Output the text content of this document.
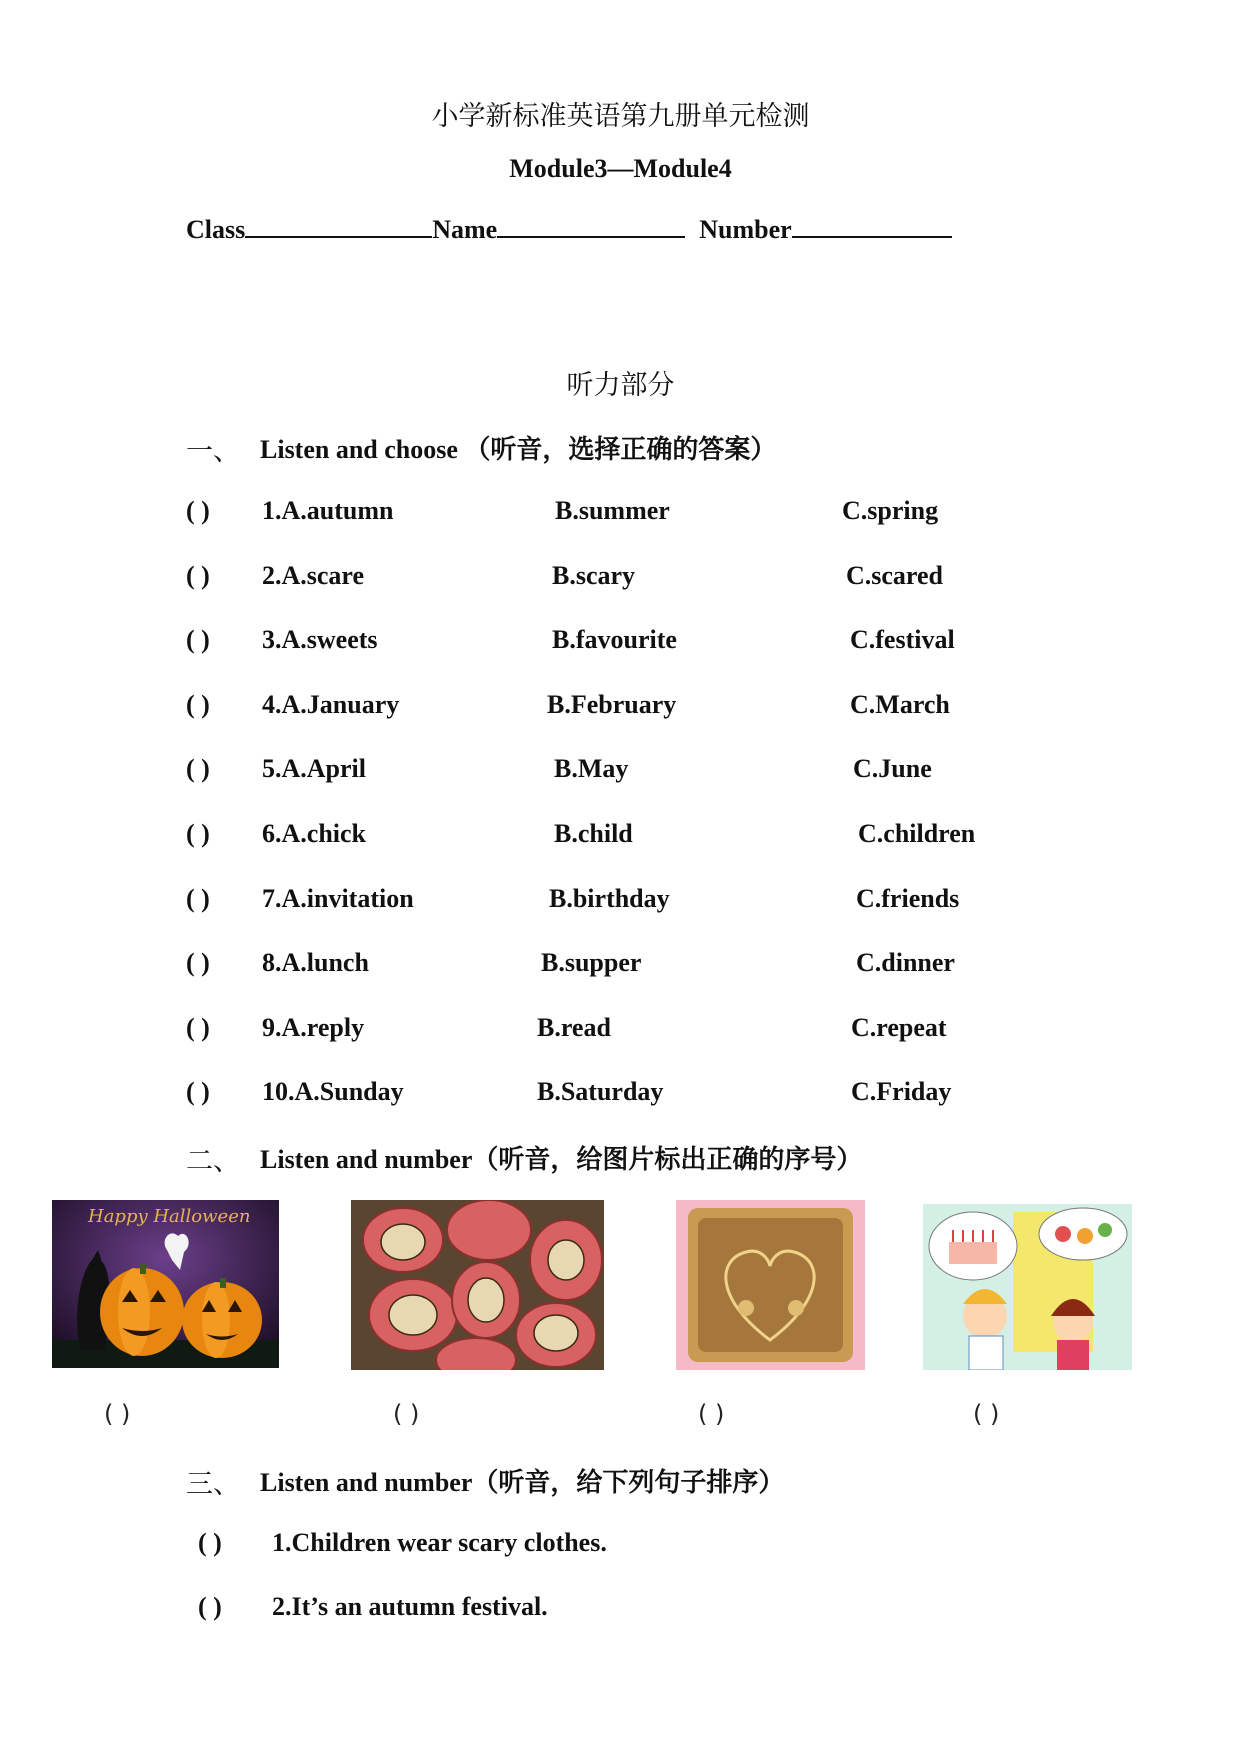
小学新标准英语第九册单元检测
Module3—Module4
Class	Name	Number
听力部分
一、 Listen and choose （听音，选择正确的答案）
( ) 1.A.autumn	B.summer	C.spring
( ) 2.A.scare	B.scary	C.scared
( ) 3.A.sweets	B.favourite	C.festival
( ) 4.A.January	B.February	C.March
( ) 5.A.April	B.May	C.June
( ) 6.A.chick	B.child	C.children
( ) 7.A.invitation	B.birthday	C.friends
( ) 8.A.lunch	B.supper	C.dinner
( ) 9.A.reply	B.read	C.repeat
( ) 10.A.Sunday	B.Saturday	C.Friday
二、 Listen and number（听音，给图片标出正确的序号）
Happy Halloween
( )	( )	( )	( )
三、 Listen and number（听音，给下列句子排序）
( ) 1.Children wear scary clothes.
( ) 2.It’s an autumn festival.
